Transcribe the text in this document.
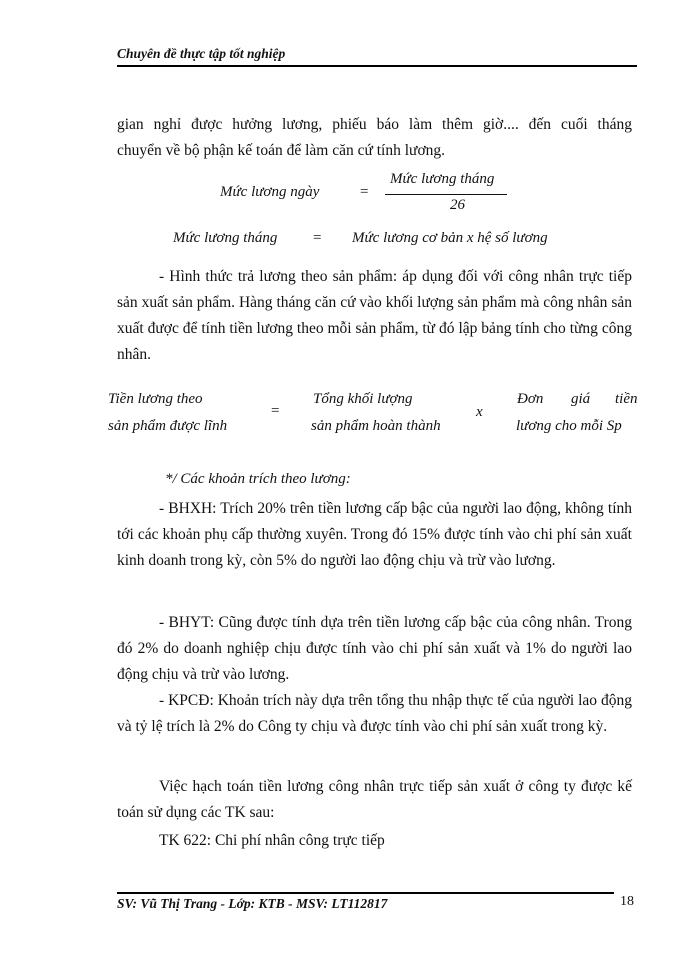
Chuyên đề thực tập tốt nghiệp
gian nghỉ được hưởng lương, phiếu báo làm thêm giờ.... đến cuối tháng
chuyển về bộ phận kế toán để làm căn cứ tính lương.
Mức lương ngày	=
Mức lương tháng
26
Mức lương tháng = Mức lương cơ bản x hệ số lương
- Hình thức trả lương theo sản phẩm: áp dụng đối với công nhân trực tiếp sản xuất sản phẩm. Hàng tháng căn cứ vào khối lượng sản phẩm mà công nhân sản xuất được để tính tiền lương theo mỗi sản phẩm, từ đó lập bảng tính cho từng công nhân.
Tiền lương theo
sản phẩm được lĩnh
=
Tổng khối lượng
sản phẩm hoàn thành
x
Đơn giá tiền
lương cho mỗi Sp
*/ Các khoản trích theo lương:
- BHXH: Trích 20% trên tiền lương cấp bậc của người lao động, không tính tới các khoản phụ cấp thường xuyên. Trong đó 15% được tính vào chi phí sản xuất kinh doanh trong kỳ, còn 5% do người lao động chịu và trừ vào lương.
- BHYT: Cũng được tính dựa trên tiền lương cấp bậc của công nhân. Trong đó 2% do doanh nghiệp chịu được tính vào chi phí sản xuất và 1% do người lao động chịu và trừ vào lương.
- KPCĐ: Khoản trích này dựa trên tổng thu nhập thực tế của người lao động và tỷ lệ trích là 2% do Công ty chịu và được tính vào chi phí sản xuất trong kỳ.
Việc hạch toán tiền lương công nhân trực tiếp sản xuất ở công ty được kế toán sử dụng các TK sau:
TK 622: Chi phí nhân công trực tiếp
SV: Vũ Thị Trang - Lớp: KTB - MSV: LT112817	18
